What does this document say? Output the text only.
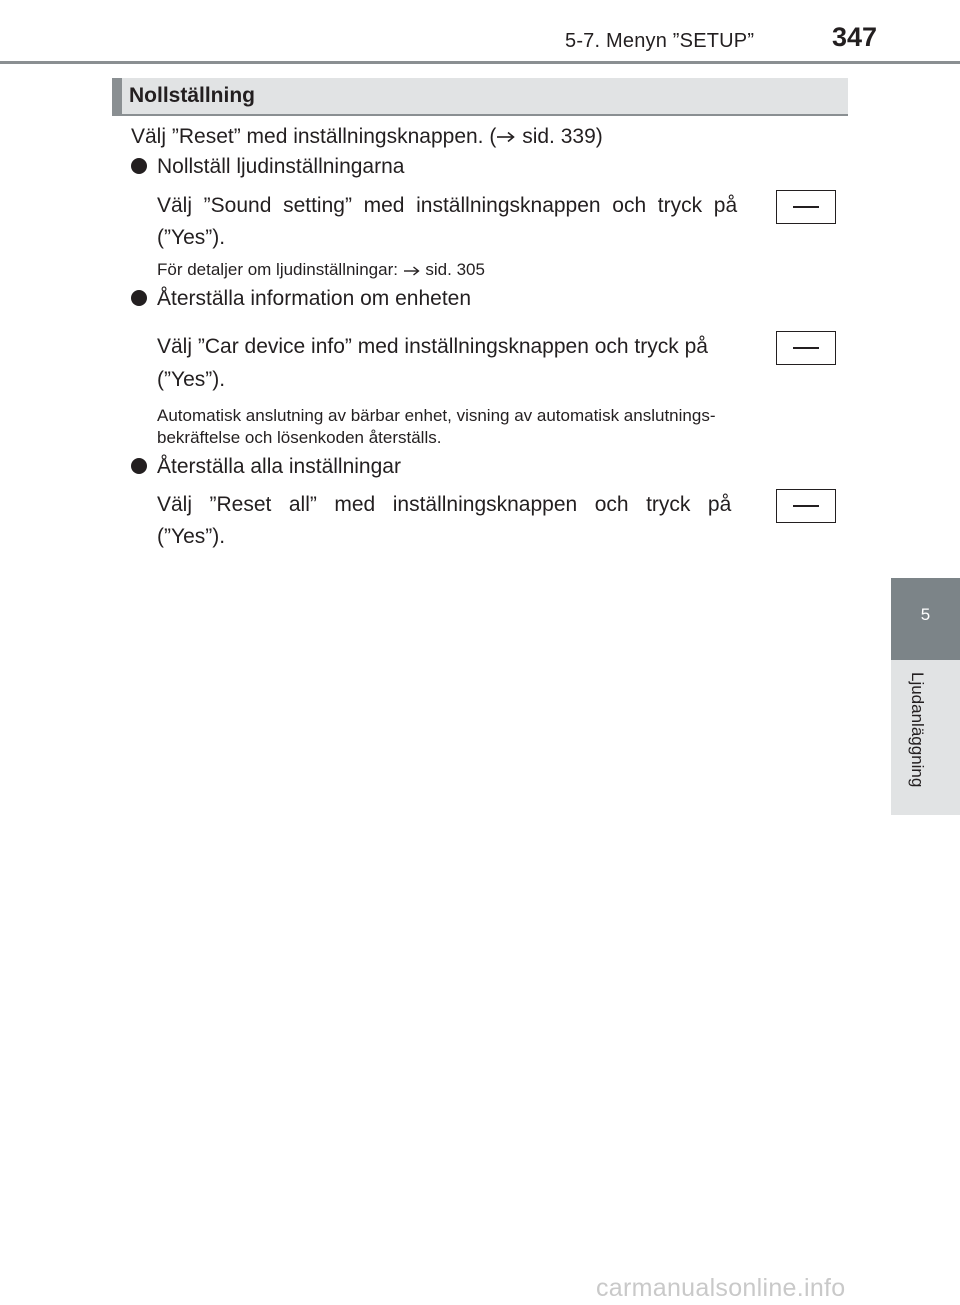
5-7. Menyn ”SETUP”	347
Nollställning
Välj ”Reset” med inställningsknappen. ( sid. 339)
Nollställ ljudinställningarna
Välj  ”Sound  setting”  med  inställningsknappen  och  tryck  på
(”Yes”).
För detaljer om ljudinställningar:  sid. 305
Återställa information om enheten
Välj ”Car device info” med inställningsknappen och tryck på
(”Yes”).
Automatisk anslutning av bärbar enhet, visning av automatisk anslutnings-
bekräftelse och lösenkoden återställs.
Återställa alla inställningar
Välj   ”Reset   all”   med   inställningsknappen   och   tryck   på
(”Yes”).
5
Ljudanläggning
carmanualsonline.info
